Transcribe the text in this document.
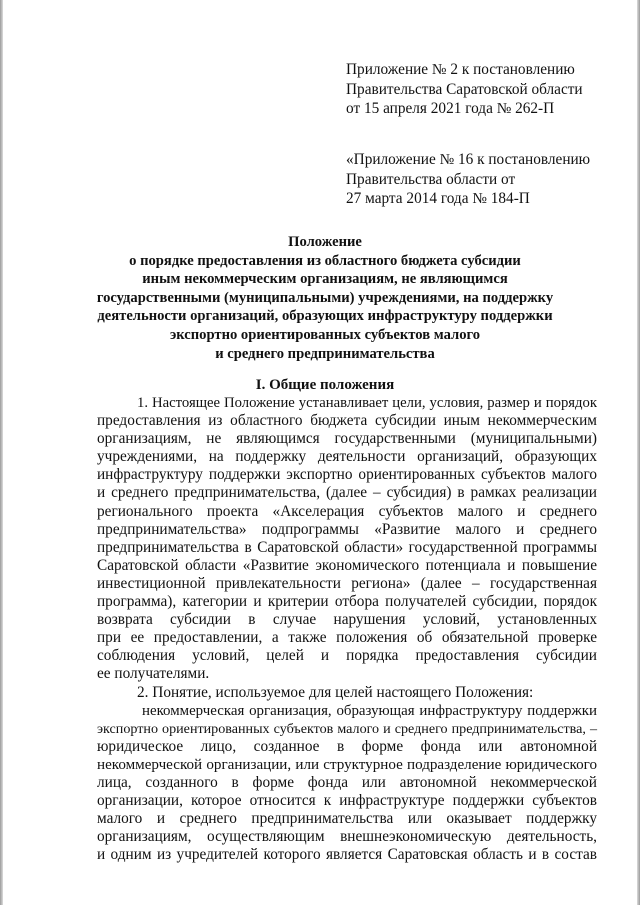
Приложение № 2 к постановлению
Правительства Саратовской области
от 15 апреля 2021 года № 262-П
«Приложение № 16 к постановлению
Правительства области от
27 марта 2014 года № 184-П
Положение
о порядке предоставления из областного бюджета субсидии
иным некоммерческим организациям, не являющимся
государственными (муниципальными) учреждениями, на поддержку
деятельности организаций, образующих инфраструктуру поддержки
экспортно ориентированных субъектов малого
и среднего предпринимательства
I. Общие положения
1. Настоящее Положение устанавливает цели, условия, размер и порядок
предоставления из областного бюджета субсидии иным некоммерческим
организациям, не являющимся государственными (муниципальными)
учреждениями, на поддержку деятельности организаций, образующих
инфраструктуру поддержки экспортно ориентированных субъектов малого
и среднего предпринимательства, (далее – субсидия) в рамках реализации
регионального проекта «Акселерация субъектов малого и среднего
предпринимательства» подпрограммы «Развитие малого и среднего
предпринимательства в Саратовской области» государственной программы
Саратовской области «Развитие экономического потенциала и повышение
инвестиционной привлекательности региона» (далее – государственная
программа), категории и критерии отбора получателей субсидии, порядок
возврата субсидии в случае нарушения условий, установленных
при ее предоставлении, а также положения об обязательной проверке
соблюдения условий, целей и порядка предоставления субсидии
ее получателями.
2. Понятие, используемое для целей настоящего Положения:
некоммерческая организация, образующая инфраструктуру поддержки
экспортно ориентированных субъектов малого и среднего предпринимательства, –
юридическое лицо, созданное в форме фонда или автономной
некоммерческой организации, или структурное подразделение юридического
лица, созданного в форме фонда или автономной некоммерческой
организации, которое относится к инфраструктуре поддержки субъектов
малого и среднего предпринимательства или оказывает поддержку
организациям, осуществляющим внешнеэкономическую деятельность,
и одним из учредителей которого является Саратовская область и в состав
